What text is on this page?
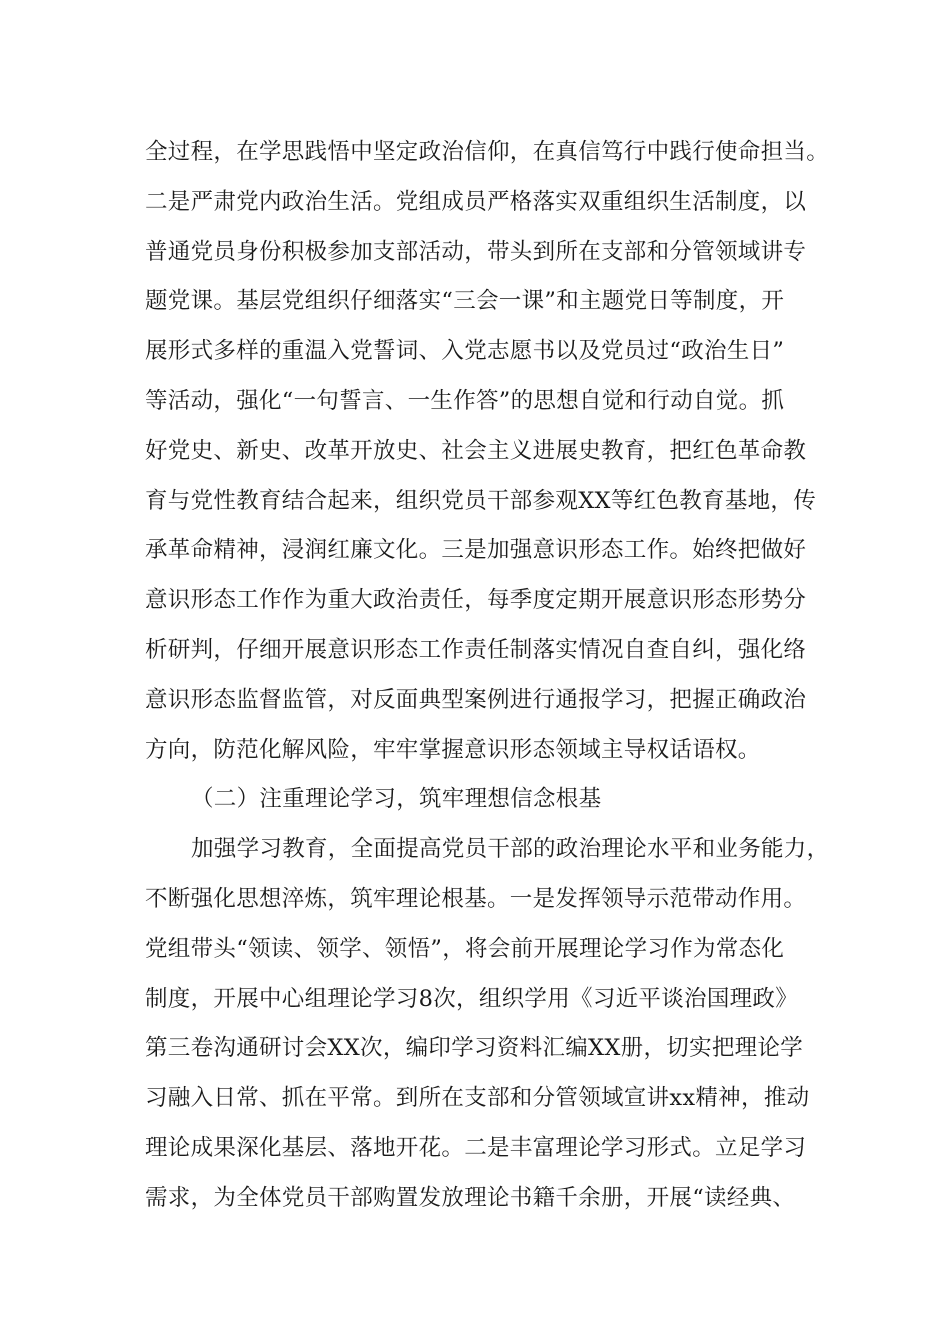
全过程，在学思践悟中坚定政治信仰，在真信笃行中践行使命担当。
二是严肃党内政治生活。党组成员严格落实双重组织生活制度，以
普通党员身份积极参加支部活动，带头到所在支部和分管领域讲专
题党课。基层党组织仔细落实“三会一课”和主题党日等制度，开
展形式多样的重温入党誓词、入党志愿书以及党员过“政治生日”
等活动，强化“一句誓言、一生作答”的思想自觉和行动自觉。抓
好党史、新史、改革开放史、社会主义进展史教育，把红色革命教
育与党性教育结合起来，组织党员干部参观XX等红色教育基地，传
承革命精神，浸润红廉文化。三是加强意识形态工作。始终把做好
意识形态工作作为重大政治责任，每季度定期开展意识形态形势分
析研判，仔细开展意识形态工作责任制落实情况自查自纠，强化络
意识形态监督监管，对反面典型案例进行通报学习，把握正确政治
方向，防范化解风险，牢牢掌握意识形态领域主导权话语权。
（二）注重理论学习，筑牢理想信念根基
加强学习教育，全面提高党员干部的政治理论水平和业务能力，
不断强化思想淬炼，筑牢理论根基。一是发挥领导示范带动作用。
党组带头“领读、领学、领悟”，将会前开展理论学习作为常态化
制度，开展中心组理论学习8次，组织学用《习近平谈治国理政》
第三卷沟通研讨会XX次，编印学习资料汇编XX册，切实把理论学
习融入日常、抓在平常。到所在支部和分管领域宣讲xx精神，推动
理论成果深化基层、落地开花。二是丰富理论学习形式。立足学习
需求，为全体党员干部购置发放理论书籍千余册，开展“读经典、
